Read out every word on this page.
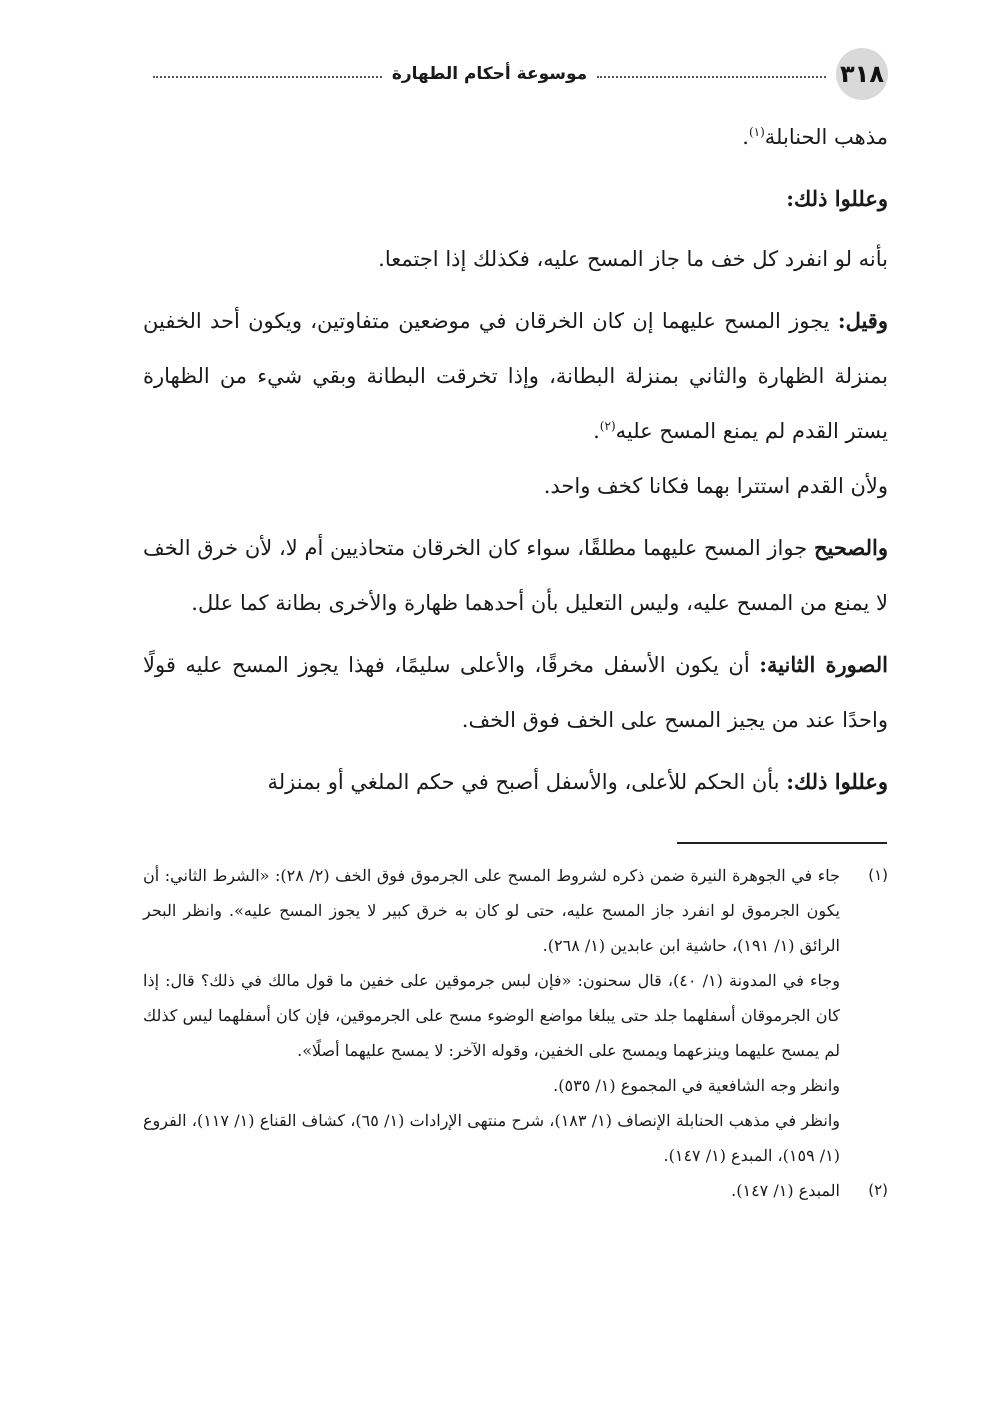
٣١٨
موسوعة أحكام الطهارة

مذهب الحنابلة$^{(١)}$.

وعللوا ذلك:

بأنه لو انفرد كل خف ما جاز المسح عليه، فكذلك إذا اجتمعا.

وقيل: يجوز المسح عليهما إن كان الخرقان في موضعين متفاوتين، ويكون أحد الخفين بمنزلة الظهارة والثاني بمنزلة البطانة، وإذا تخرقت البطانة وبقي شيء من الظهارة يستر القدم لم يمنع المسح عليه$^{(٢)}$.

ولأن القدم استترا بهما فكانا كخف واحد.

والصحيح جواز المسح عليهما مطلقًا، سواء كان الخرقان متحاذيين أم لا، لأن خرق الخف لا يمنع من المسح عليه، وليس التعليل بأن أحدهما ظهارة والأخرى بطانة كما علل.

الصورة الثانية: أن يكون الأسفل مخرقًا، والأعلى سليمًا، فهذا يجوز المسح عليه قولًا واحدًا عند من يجيز المسح على الخف فوق الخف.

وعللوا ذلك: بأن الحكم للأعلى، والأسفل أصبح في حكم الملغي أو بمنزلة

(١)
جاء في الجوهرة النيرة ضمن ذكره لشروط المسح على الجرموق فوق الخف (٢/ ٢٨): «الشرط الثاني: أن يكون الجرموق لو انفرد جاز المسح عليه، حتى لو كان به خرق كبير لا يجوز المسح عليه». وانظر البحر الرائق (١/ ١٩١)، حاشية ابن عابدين (١/ ٢٦٨).
وجاء في المدونة (١/ ٤٠)، قال سحنون: «فإن لبس جرموقين على خفين ما قول مالك في ذلك؟ قال: إذا كان الجرموقان أسفلهما جلد حتى يبلغا مواضع الوضوء مسح على الجرموقين، فإن كان أسفلهما ليس كذلك لم يمسح عليهما وينزعهما ويمسح على الخفين، وقوله الآخر: لا يمسح عليهما أصلًا».
وانظر وجه الشافعية في المجموع (١/ ٥٣٥).
وانظر في مذهب الحنابلة الإنصاف (١/ ١٨٣)، شرح منتهى الإرادات (١/ ٦٥)، كشاف القناع (١/ ١١٧)، الفروع (١/ ١٥٩)، المبدع (١/ ١٤٧).
(٢)
المبدع (١/ ١٤٧).
